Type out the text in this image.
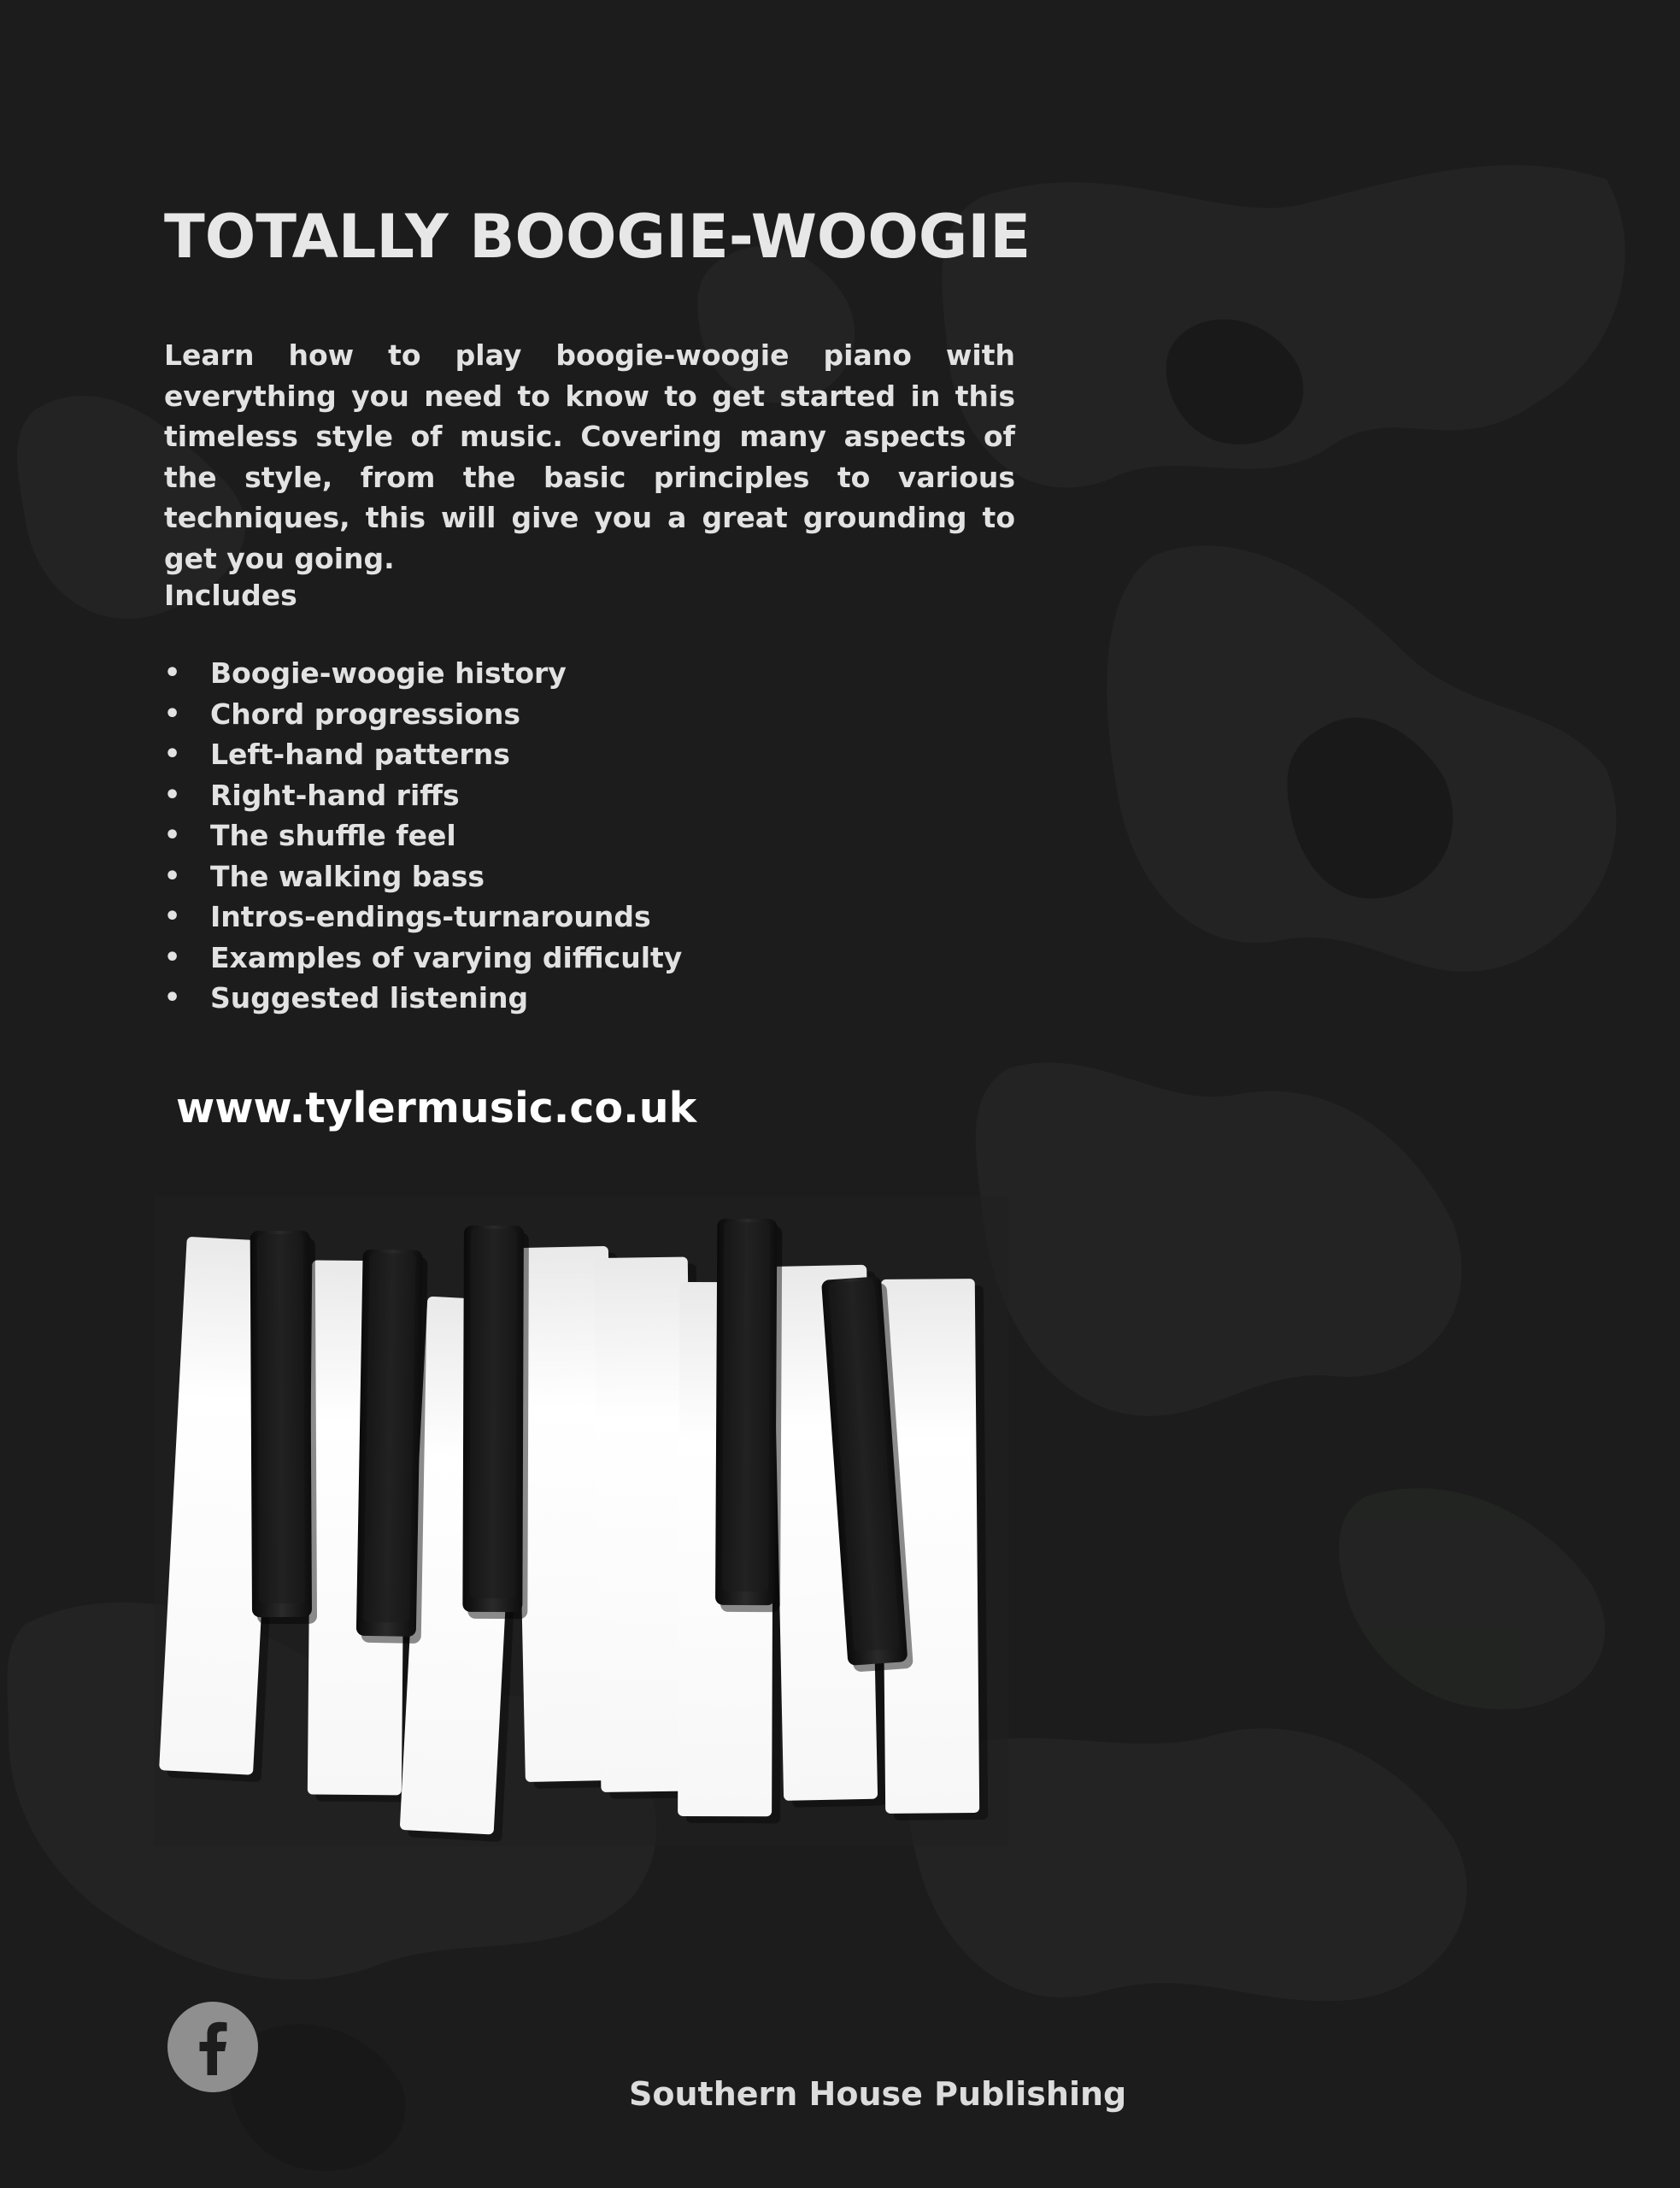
TOTALLY BOOGIE-WOOGIE

Learn how to play boogie-woogie piano with everything you need to know to get started in this timeless style of music. Covering many aspects of the style, from the basic principles to various techniques, this will give you a great grounding to get you going.

Includes

• Boogie-woogie history
• Chord progressions
• Left-hand patterns
• Right-hand riffs
• The shuffle feel
• The walking bass
• Intros-endings-turnarounds
• Examples of varying difficulty
• Suggested listening

www.tylermusic.co.uk

Southern House Publishing
